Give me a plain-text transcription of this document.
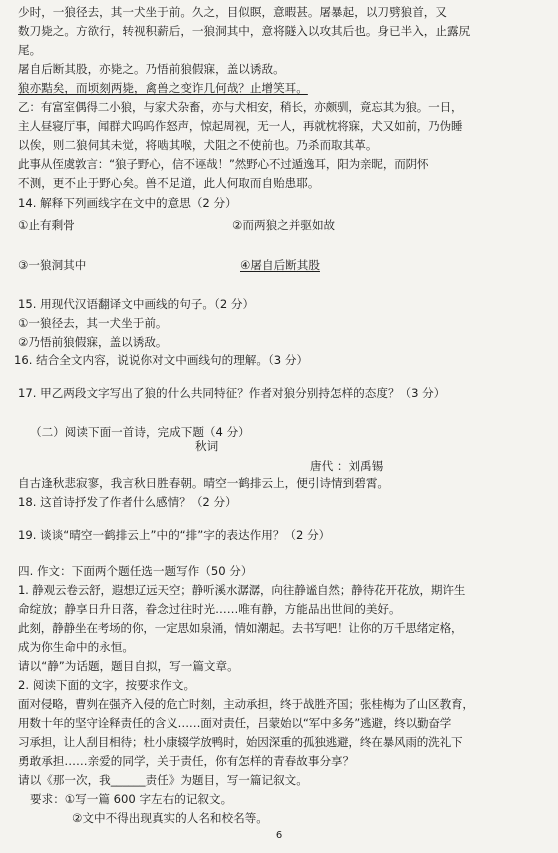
少时，一狼径去，其一犬坐于前。久之，目似瞑，意暇甚。屠暴起，以刀劈狼首，又
数刀毙之。方欲行，转视积薪后，一狼洞其中，意将隧入以攻其后也。身已半入，止露尻
尾。
屠自后断其股，亦毙之。乃悟前狼假寐，盖以诱敌。
狼亦黠矣，而顷刻两毙，禽兽之变诈几何哉？止增笑耳。
乙：有富室偶得二小狼，与家犬杂畜，亦与犬相安，稍长，亦颇驯，竟忘其为狼。一日，
主人昼寝厅事，闻群犬呜呜作怒声，惊起周视，无一人，再就枕将寐，犬又如前，乃伪睡
以俟，则二狼伺其未觉，将啮其喉，犬阻之不使前也。乃杀而取其革。
此事从侄虞敦言：“狼子野心，信不诬哉！”然野心不过遁逸耳，阳为亲昵，而阴怀
不测，更不止于野心矣。兽不足道，此人何取而自贻患耶。
14. 解释下列画线字在文中的意思（2 分）
①止有剩骨	②而两狼之并驱如故
③一狼洞其中	④屠自后断其股
15. 用现代汉语翻译文中画线的句子。（2 分）
①一狼径去，其一犬坐于前。
②乃悟前狼假寐，盖以诱敌。
16. 结合全文内容，说说你对文中画线句的理解。（3 分）
17. 甲乙两段文字写出了狼的什么共同特征？作者对狼分别持怎样的态度？（3 分）
（二）阅读下面一首诗，完成下题（4 分）
秋词
唐代 ：刘禹锡
自古逢秋悲寂寥，我言秋日胜春朝。晴空一鹤排云上，便引诗情到碧霄。
18. 这首诗抒发了作者什么感情？（2 分）
19. 谈谈“晴空一鹤排云上”中的“排”字的表达作用？（2 分）
四. 作文：下面两个题任选一题写作（50 分）
1. 静观云卷云舒，遐想辽远天空；静听溪水潺潺，向往静谧自然；静待花开花放，期许生
命绽放；静享日升日落，眷念过往时光……唯有静，方能品出世间的美好。
此刻，静静坐在考场的你，一定思如泉涌，情如潮起。去书写吧！让你的万千思绪定格，
成为你生命中的永恒。
请以“静”为话题，题目自拟，写一篇文章。
2. 阅读下面的文字，按要求作文。
面对侵略，曹刿在强齐入侵的危亡时刻，主动承担，终于战胜齐国；张桂梅为了山区教育，
用数十年的坚守诠释责任的含义……面对责任，吕蒙始以“军中多务”逃避，终以勤奋学
习承担，让人刮目相待；杜小康辍学放鸭时，始因深重的孤独逃避，终在暴风雨的洗礼下
勇敢承担……亲爱的同学，关于责任，你有怎样的青春故事分享？
请以《那一次，我______责任》为题目，写一篇记叙文。
要求：①写一篇 600 字左右的记叙文。
②文中不得出现真实的人名和校名等。
6
